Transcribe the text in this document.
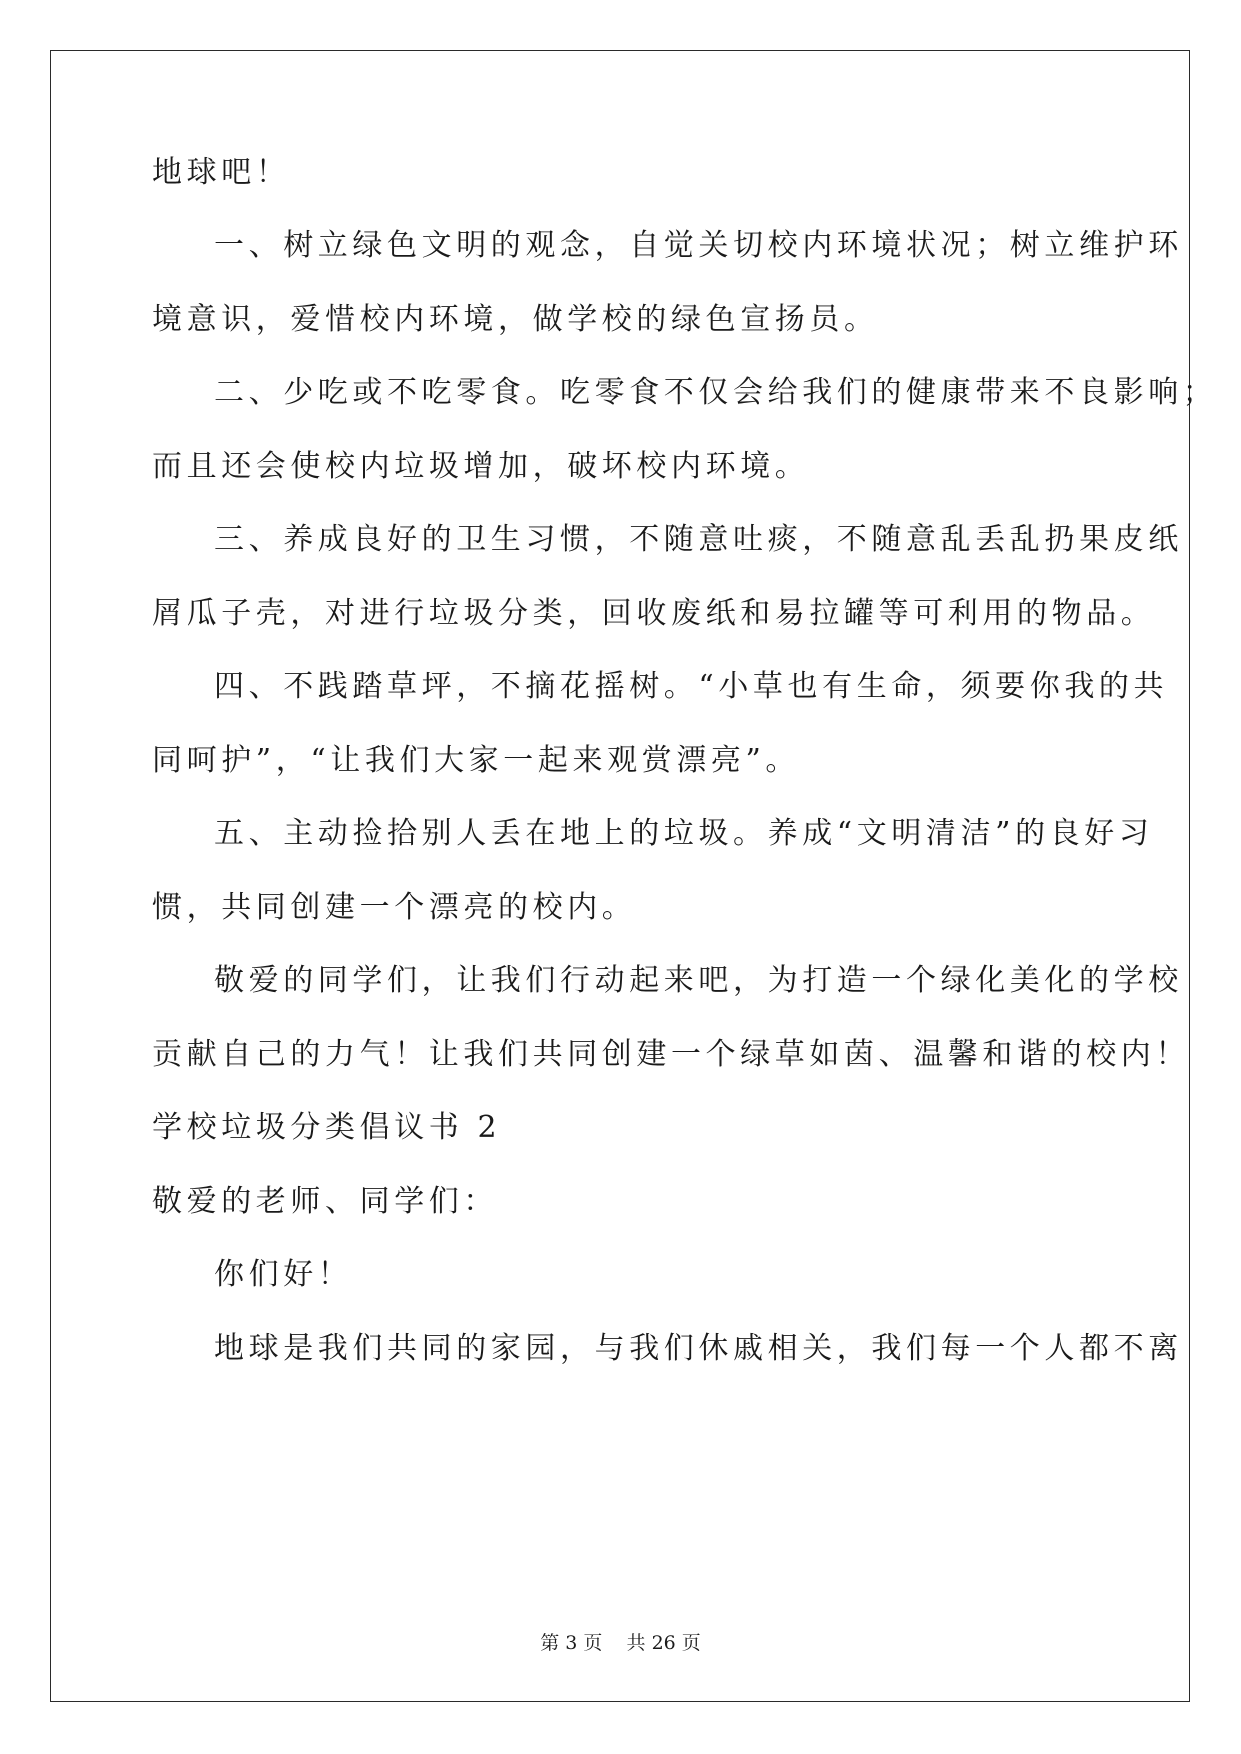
地球吧！
一、树立绿色文明的观念，自觉关切校内环境状况；树立维护环
境意识，爱惜校内环境，做学校的绿色宣扬员。
二、少吃或不吃零食。吃零食不仅会给我们的健康带来不良影响；
而且还会使校内垃圾增加，破坏校内环境。
三、养成良好的卫生习惯，不随意吐痰，不随意乱丢乱扔果皮纸
屑瓜子壳，对进行垃圾分类，回收废纸和易拉罐等可利用的物品。
四、不践踏草坪，不摘花摇树。“小草也有生命，须要你我的共
同呵护”，“让我们大家一起来观赏漂亮”。
五、主动捡拾别人丢在地上的垃圾。养成“文明清洁”的良好习
惯，共同创建一个漂亮的校内。
敬爱的同学们，让我们行动起来吧，为打造一个绿化美化的学校
贡献自己的力气！让我们共同创建一个绿草如茵、温馨和谐的校内！
学校垃圾分类倡议书 2
敬爱的老师、同学们：
你们好！
地球是我们共同的家园，与我们休戚相关，我们每一个人都不离
第 3 页 共 26 页
